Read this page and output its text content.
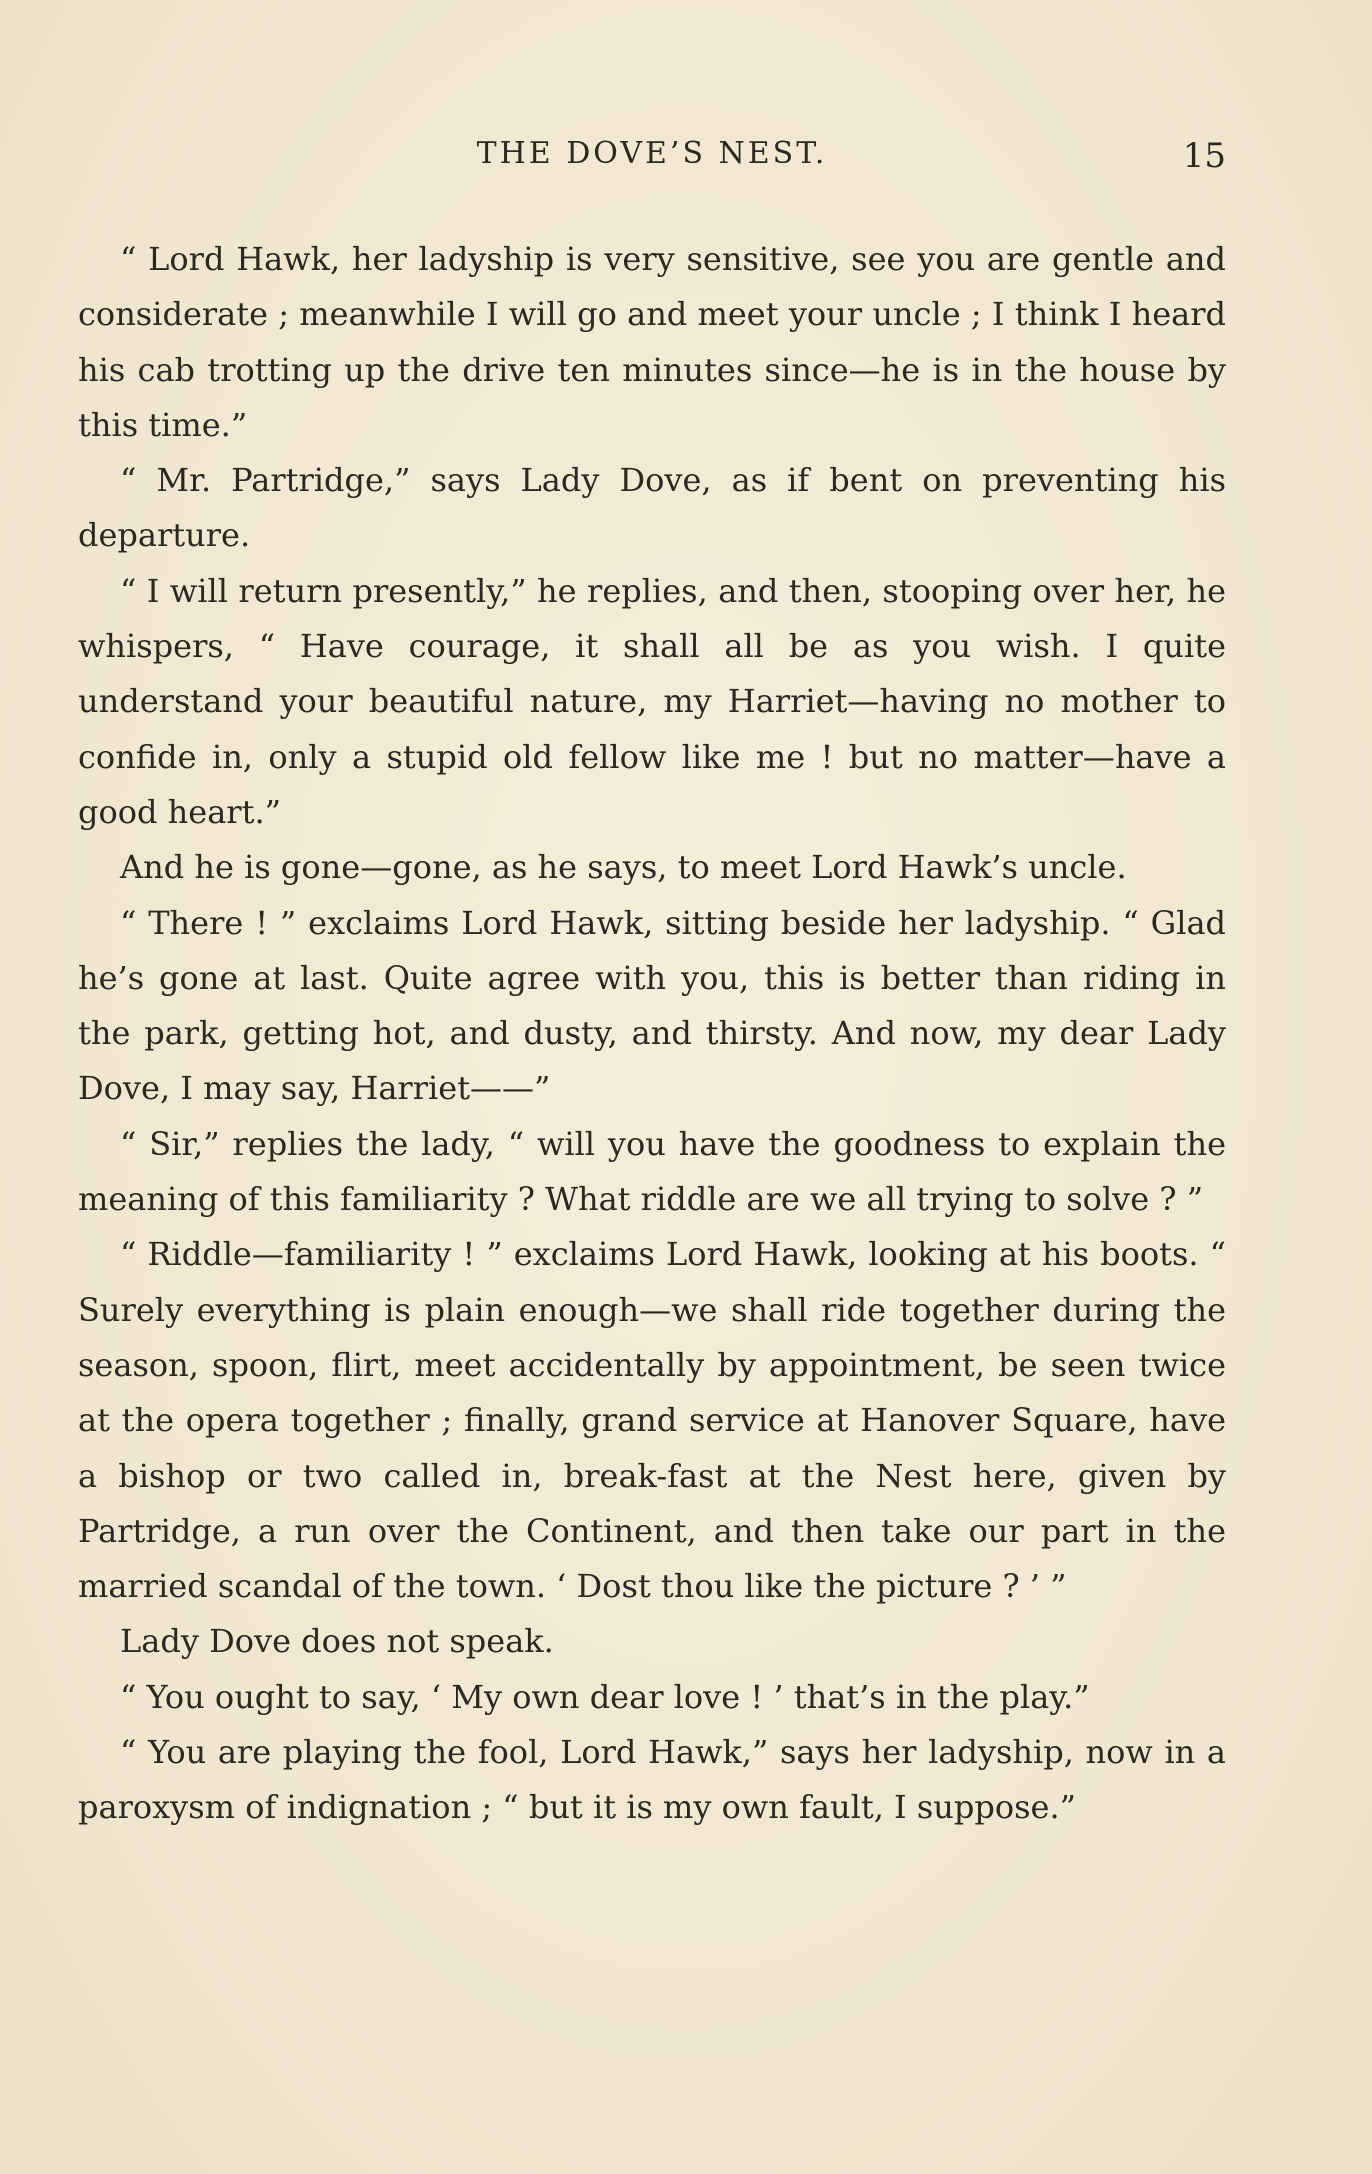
THE DOVE’S NEST.	15

“ Lord Hawk, her ladyship is very sensitive, see you are gentle and considerate ; meanwhile I will go and meet your uncle ; I think I heard his cab trotting up the drive ten minutes since—he is in the house by this time.”

“ Mr. Partridge,” says Lady Dove, as if bent on preventing his departure.

“ I will return presently,” he replies, and then, stooping over her, he whispers, “ Have courage, it shall all be as you wish. I quite understand your beautiful nature, my Harriet—having no mother to confide in, only a stupid old fellow like me ! but no matter—have a good heart.”

And he is gone—gone, as he says, to meet Lord Hawk’s uncle.

“ There ! ” exclaims Lord Hawk, sitting beside her ladyship. “ Glad he’s gone at last. Quite agree with you, this is better than riding in the park, getting hot, and dusty, and thirsty. And now, my dear Lady Dove, I may say, Harriet——”

“ Sir,” replies the lady, “ will you have the goodness to explain the meaning of this familiarity ? What riddle are we all trying to solve ? ”

“ Riddle—familiarity ! ” exclaims Lord Hawk, looking at his boots. “ Surely everything is plain enough—we shall ride together during the season, spoon, flirt, meet accidentally by appointment, be seen twice at the opera together ; finally, grand service at Hanover Square, have a bishop or two called in, break-fast at the Nest here, given by Partridge, a run over the Continent, and then take our part in the married scandal of the town. ‘ Dost thou like the picture ? ’ ”

Lady Dove does not speak.

“ You ought to say, ‘ My own dear love ! ’ that’s in the play.”

“ You are playing the fool, Lord Hawk,” says her ladyship, now in a paroxysm of indignation ; “ but it is my own fault, I suppose.”
